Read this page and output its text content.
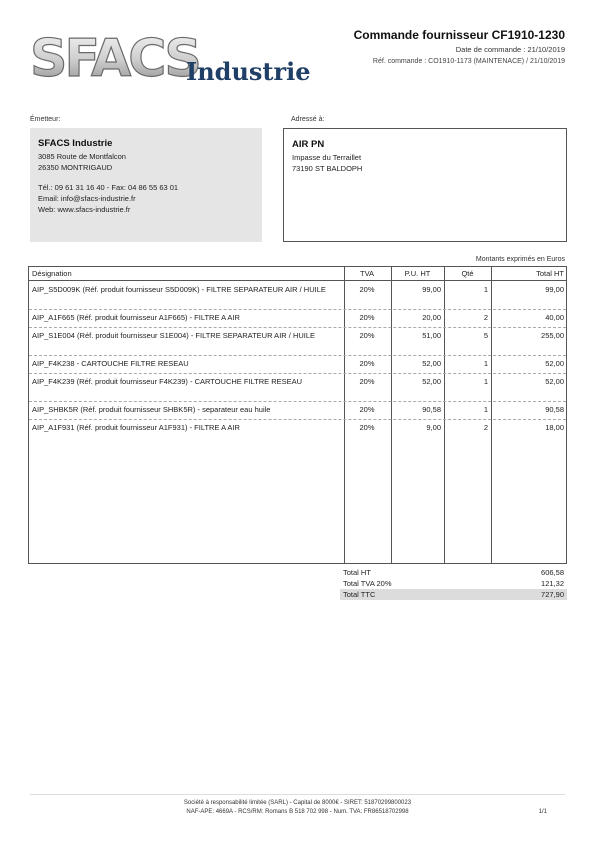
SFACS
Industrie
Commande fournisseur CF1910-1230
Date de commande : 21/10/2019
Réf. commande : CO1910-1173 (MAINTENACE) / 21/10/2019
Émetteur:	Adressé à:
SFACS Industrie
3085 Route de Montfalcon
26350 MONTRIGAUD
Tél.: 09 61 31 16 40 - Fax: 04 86 55 63 01
Email: info@sfacs-industrie.fr
Web: www.sfacs-industrie.fr
AIR PN
Impasse du Terraillet
73190 ST BALDOPH
Montants exprimés en Euros
Désignation	TVA	P.U. HT	Qté	Total HT
AIP_S5D009K (Réf. produit fournisseur S5D009K) - FILTRE SEPARATEUR AIR / HUILE	20%	99,00	1	99,00
AIP_A1F665 (Réf. produit fournisseur A1F665) - FILTRE A AIR	20%	20,00	2	40,00
AIP_S1E004 (Réf. produit fournisseur S1E004) - FILTRE SEPARATEUR AIR / HUILE	20%	51,00	5	255,00
AIP_F4K238 - CARTOUCHE FILTRE RESEAU	20%	52,00	1	52,00
AIP_F4K239 (Réf. produit fournisseur F4K239) - CARTOUCHE FILTRE RESEAU	20%	52,00	1	52,00
AIP_SHBK5R (Réf. produit fournisseur SHBK5R) - separateur eau huile	20%	90,58	1	90,58
AIP_A1F931 (Réf. produit fournisseur A1F931) - FILTRE A AIR	20%	9,00	2	18,00
Total HT	606,58
Total TVA 20%	121,32
Total TTC	727,90
Société à responsabilité limitée (SARL) - Capital de 8000€ - SIRET: 51870299800023
NAF-APE: 4669A - RCS/RM: Romans B 518 702 998 - Num. TVA: FR86518702998	1/1
